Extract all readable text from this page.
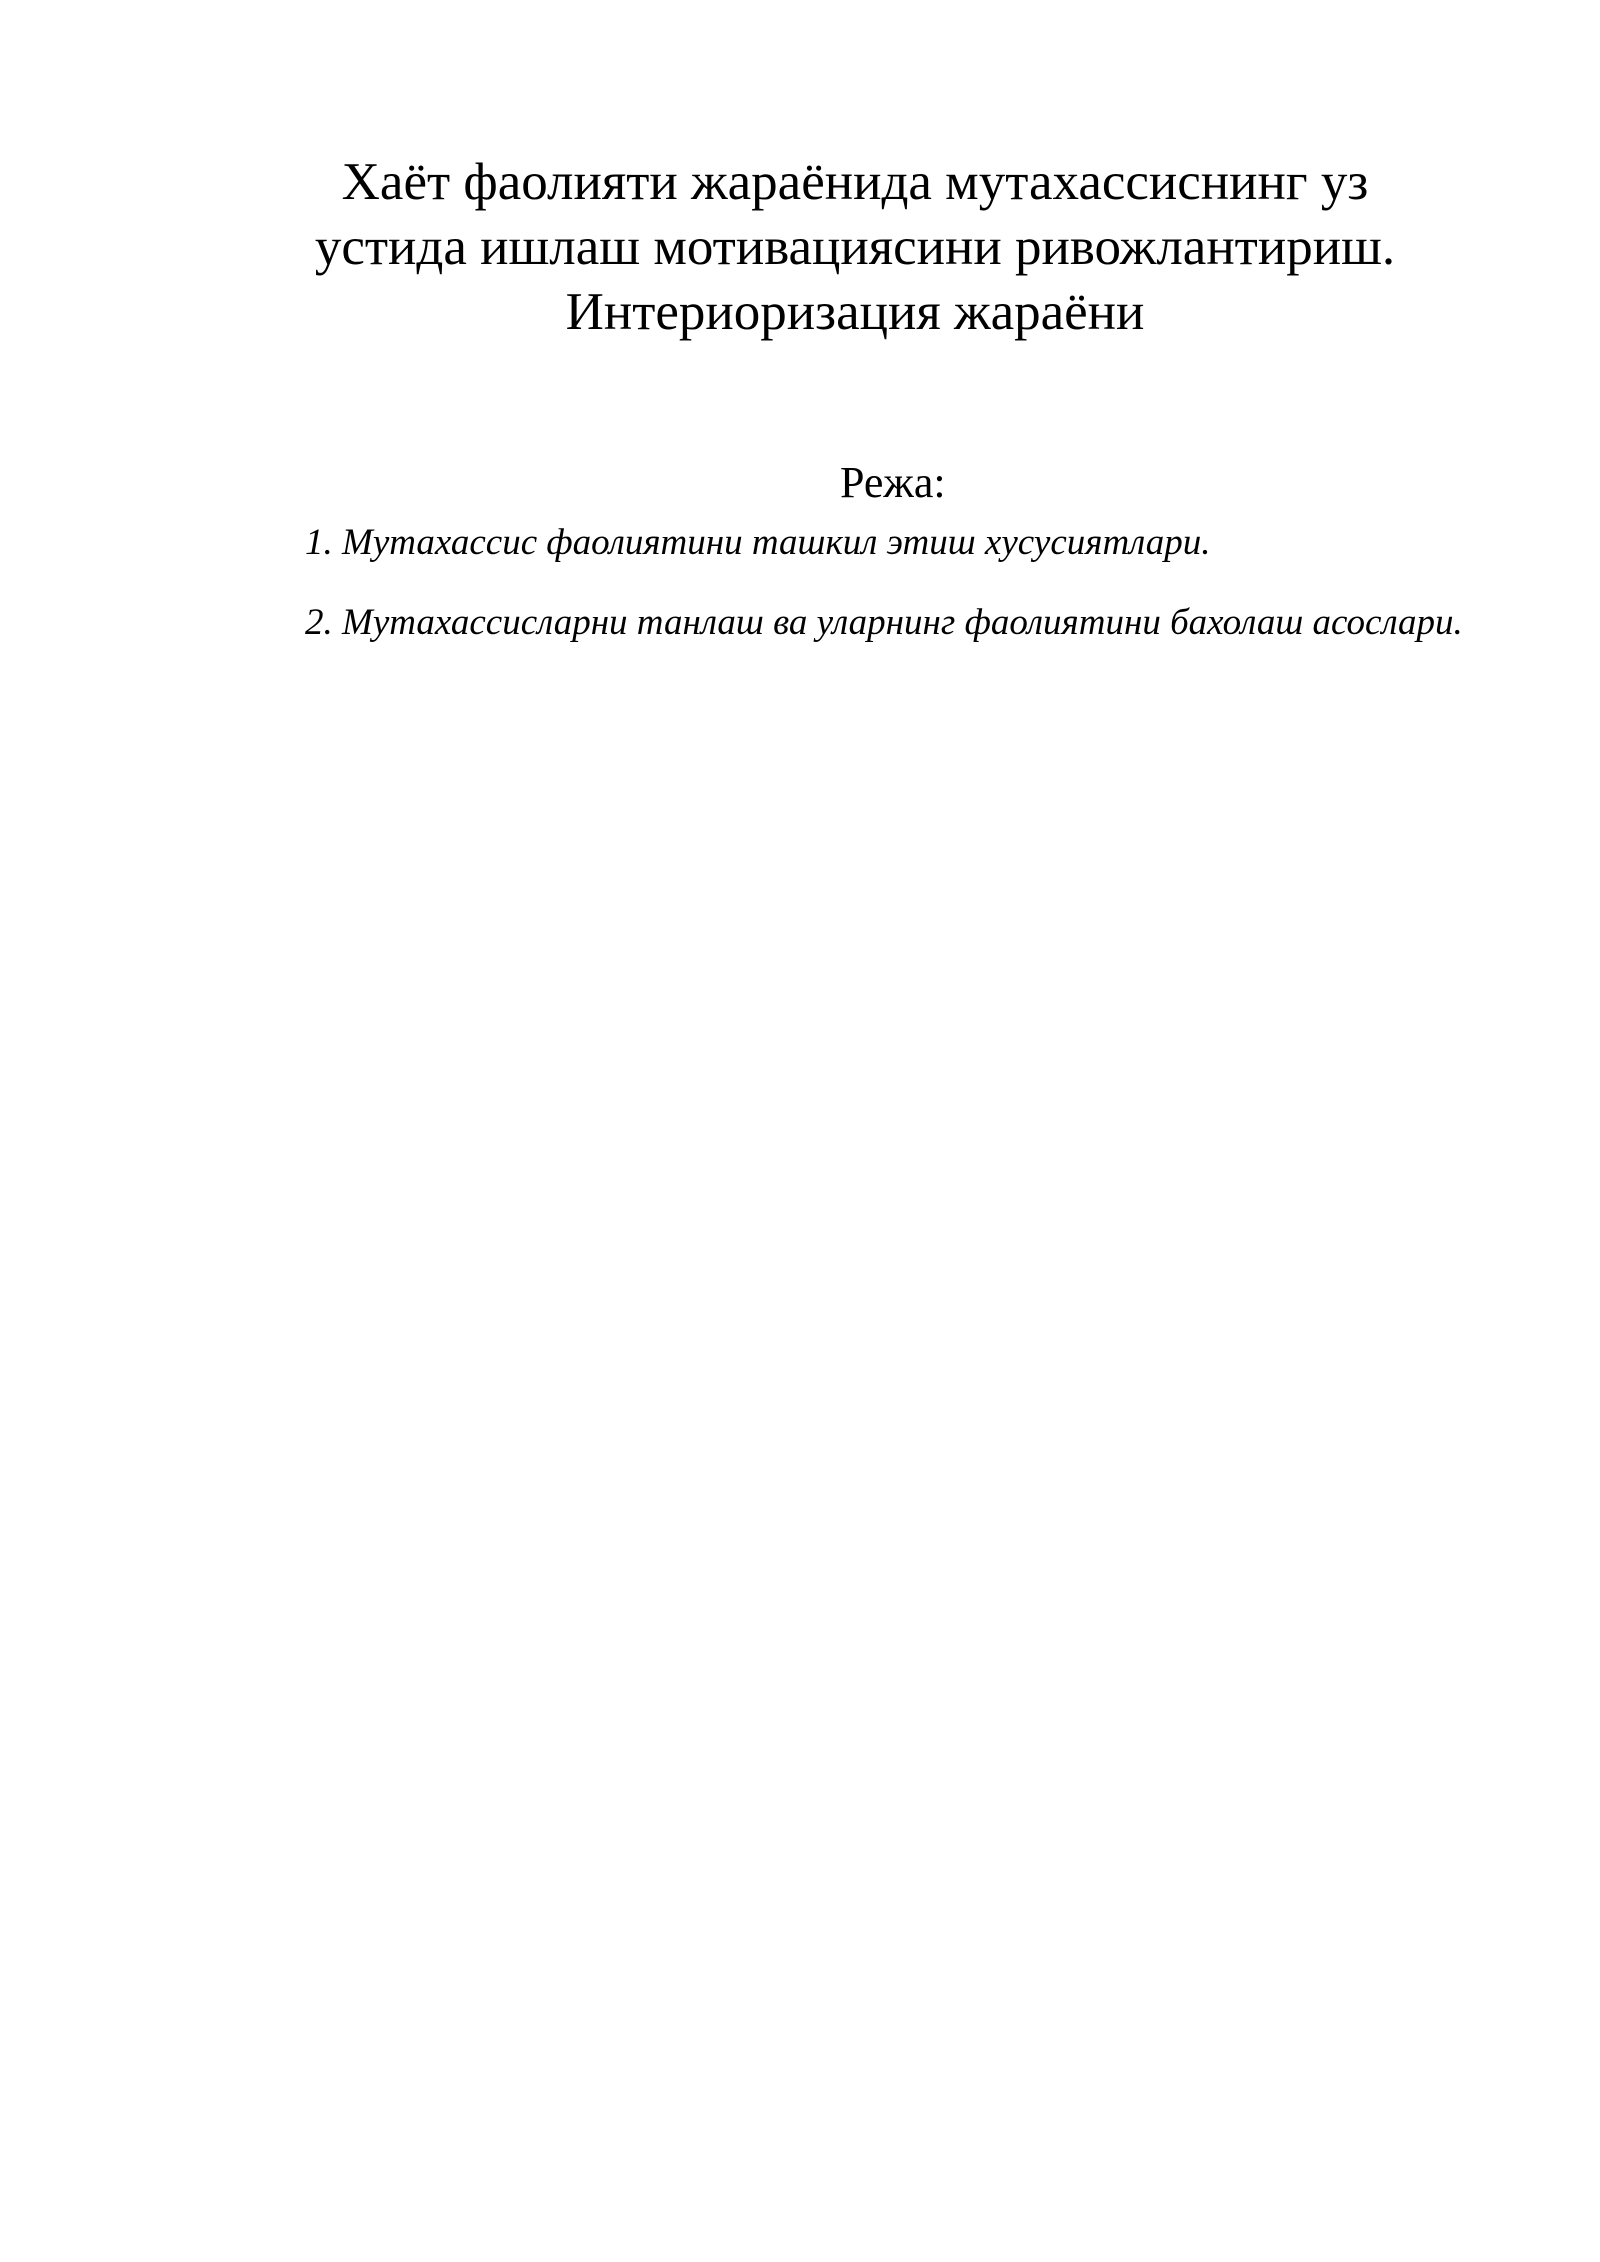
Хаёт фаолияти жараёнида мутахассиснинг уз
устида ишлаш мотивациясини ривожлантириш.
Интериоризация жараёни
Режа:
1. Мутахассис фаолиятини ташкил этиш хусусиятлари.
2. Мутахассисларни танлаш ва уларнинг фаолиятини бахолаш асослари.
